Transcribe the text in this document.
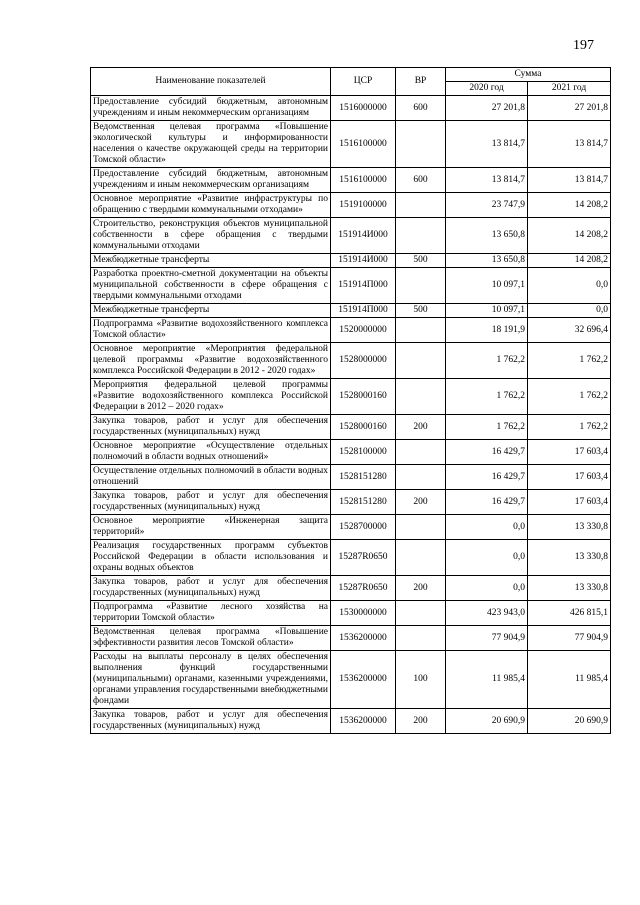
197
Наименование показателей	ЦСР	ВР	Сумма	
			2020 год	2021 год
Предоставление субсидий бюджетным, автономным учреждениям и иным некоммерческим организациям	1516000000	600	27 201,8	27 201,8
Ведомственная целевая программа «Повышение экологической культуры и информированности населения о качестве окружающей среды на территории Томской области»	1516100000		13 814,7	13 814,7
Предоставление субсидий бюджетным, автономным учреждениям и иным некоммерческим организациям	1516100000	600	13 814,7	13 814,7
Основное мероприятие «Развитие инфраструктуры по обращению с твердыми коммунальными отходами»	1519100000		23 747,9	14 208,2
Строительство, реконструкция объектов муниципальной собственности в сфере обращения с твердыми коммунальными отходами	151914И000		13 650,8	14 208,2
Межбюджетные трансферты	151914И000	500	13 650,8	14 208,2
Разработка проектно-сметной документации на объекты муниципальной собственности в сфере обращения с твердыми коммунальными отходами	151914П000		10 097,1	0,0
Межбюджетные трансферты	151914П000	500	10 097,1	0,0
Подпрограмма «Развитие водохозяйственного комплекса Томской области»	1520000000		18 191,9	32 696,4
Основное мероприятие «Мероприятия федеральной целевой программы «Развитие водохозяйственного комплекса Российской Федерации в 2012 - 2020 годах»	1528000000		1 762,2	1 762,2
Мероприятия федеральной целевой программы «Развитие водохозяйственного комплекса Российской Федерации в 2012 – 2020 годах»	1528000160		1 762,2	1 762,2
Закупка товаров, работ и услуг для обеспечения государственных (муниципальных) нужд	1528000160	200	1 762,2	1 762,2
Основное мероприятие «Осуществление отдельных полномочий в области водных отношений»	1528100000		16 429,7	17 603,4
Осуществление отдельных полномочий в области водных отношений	1528151280		16 429,7	17 603,4
Закупка товаров, работ и услуг для обеспечения государственных (муниципальных) нужд	1528151280	200	16 429,7	17 603,4
Основное мероприятие «Инженерная защита территорий»	1528700000		0,0	13 330,8
Реализация государственных программ субъектов Российской Федерации в области использования и охраны водных объектов	15287R0650		0,0	13 330,8
Закупка товаров, работ и услуг для обеспечения государственных (муниципальных) нужд	15287R0650	200	0,0	13 330,8
Подпрограмма «Развитие лесного хозяйства на территории Томской области»	1530000000		423 943,0	426 815,1
Ведомственная целевая программа «Повышение эффективности развития лесов Томской области»	1536200000		77 904,9	77 904,9
Расходы на выплаты персоналу в целях обеспечения выполнения функций государственными (муниципальными) органами, казенными учреждениями, органами управления государственными внебюджетными фондами	1536200000	100	11 985,4	11 985,4
Закупка товаров, работ и услуг для обеспечения государственных (муниципальных) нужд	1536200000	200	20 690,9	20 690,9
